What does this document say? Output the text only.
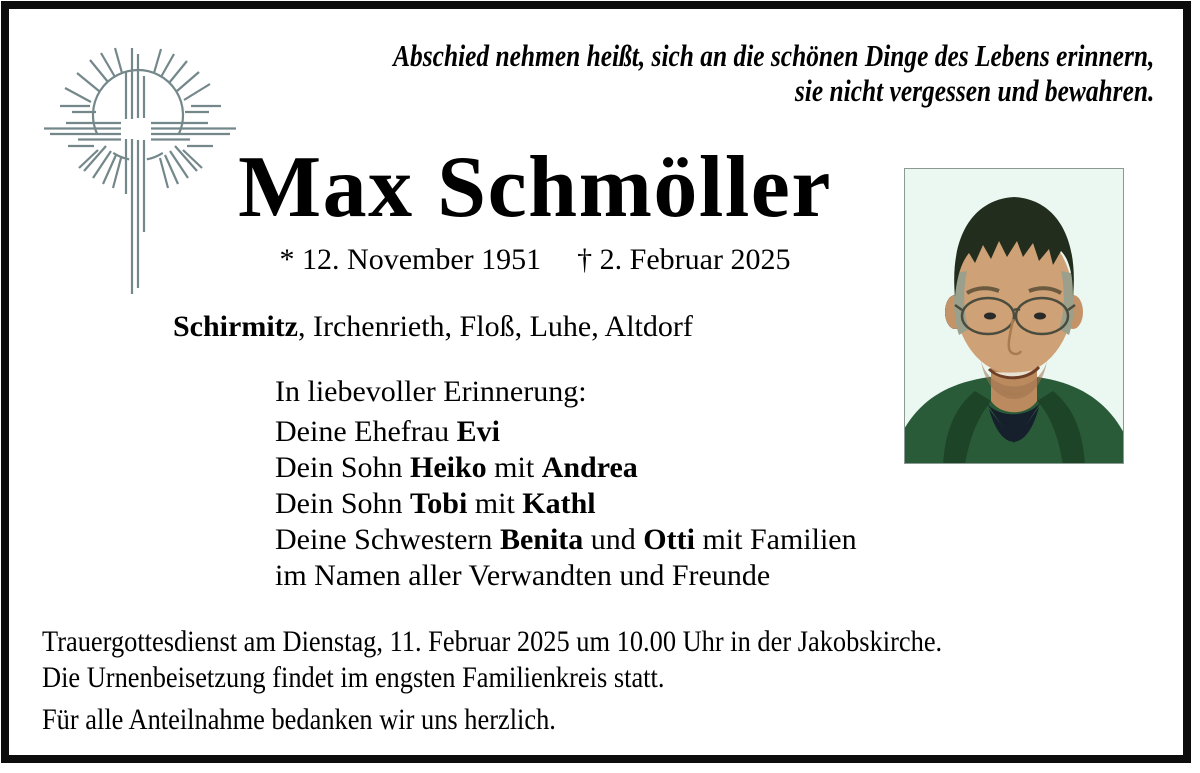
Abschied nehmen heißt, sich an die schönen Dinge des Lebens erinnern,
sie nicht vergessen und bewahren.
Max Schmöller
* 12. November 1951 † 2. Februar 2025
Schirmitz, Irchenrieth, Floß, Luhe, Altdorf
In liebevoller Erinnerung:
Deine Ehefrau Evi
Dein Sohn Heiko mit Andrea
Dein Sohn Tobi mit Kathl
Deine Schwestern Benita und Otti mit Familien
im Namen aller Verwandten und Freunde
Trauergottesdienst am Dienstag, 11. Februar 2025 um 10.00 Uhr in der Jakobskirche.
Die Urnenbeisetzung findet im engsten Familienkreis statt.
Für alle Anteilnahme bedanken wir uns herzlich.
